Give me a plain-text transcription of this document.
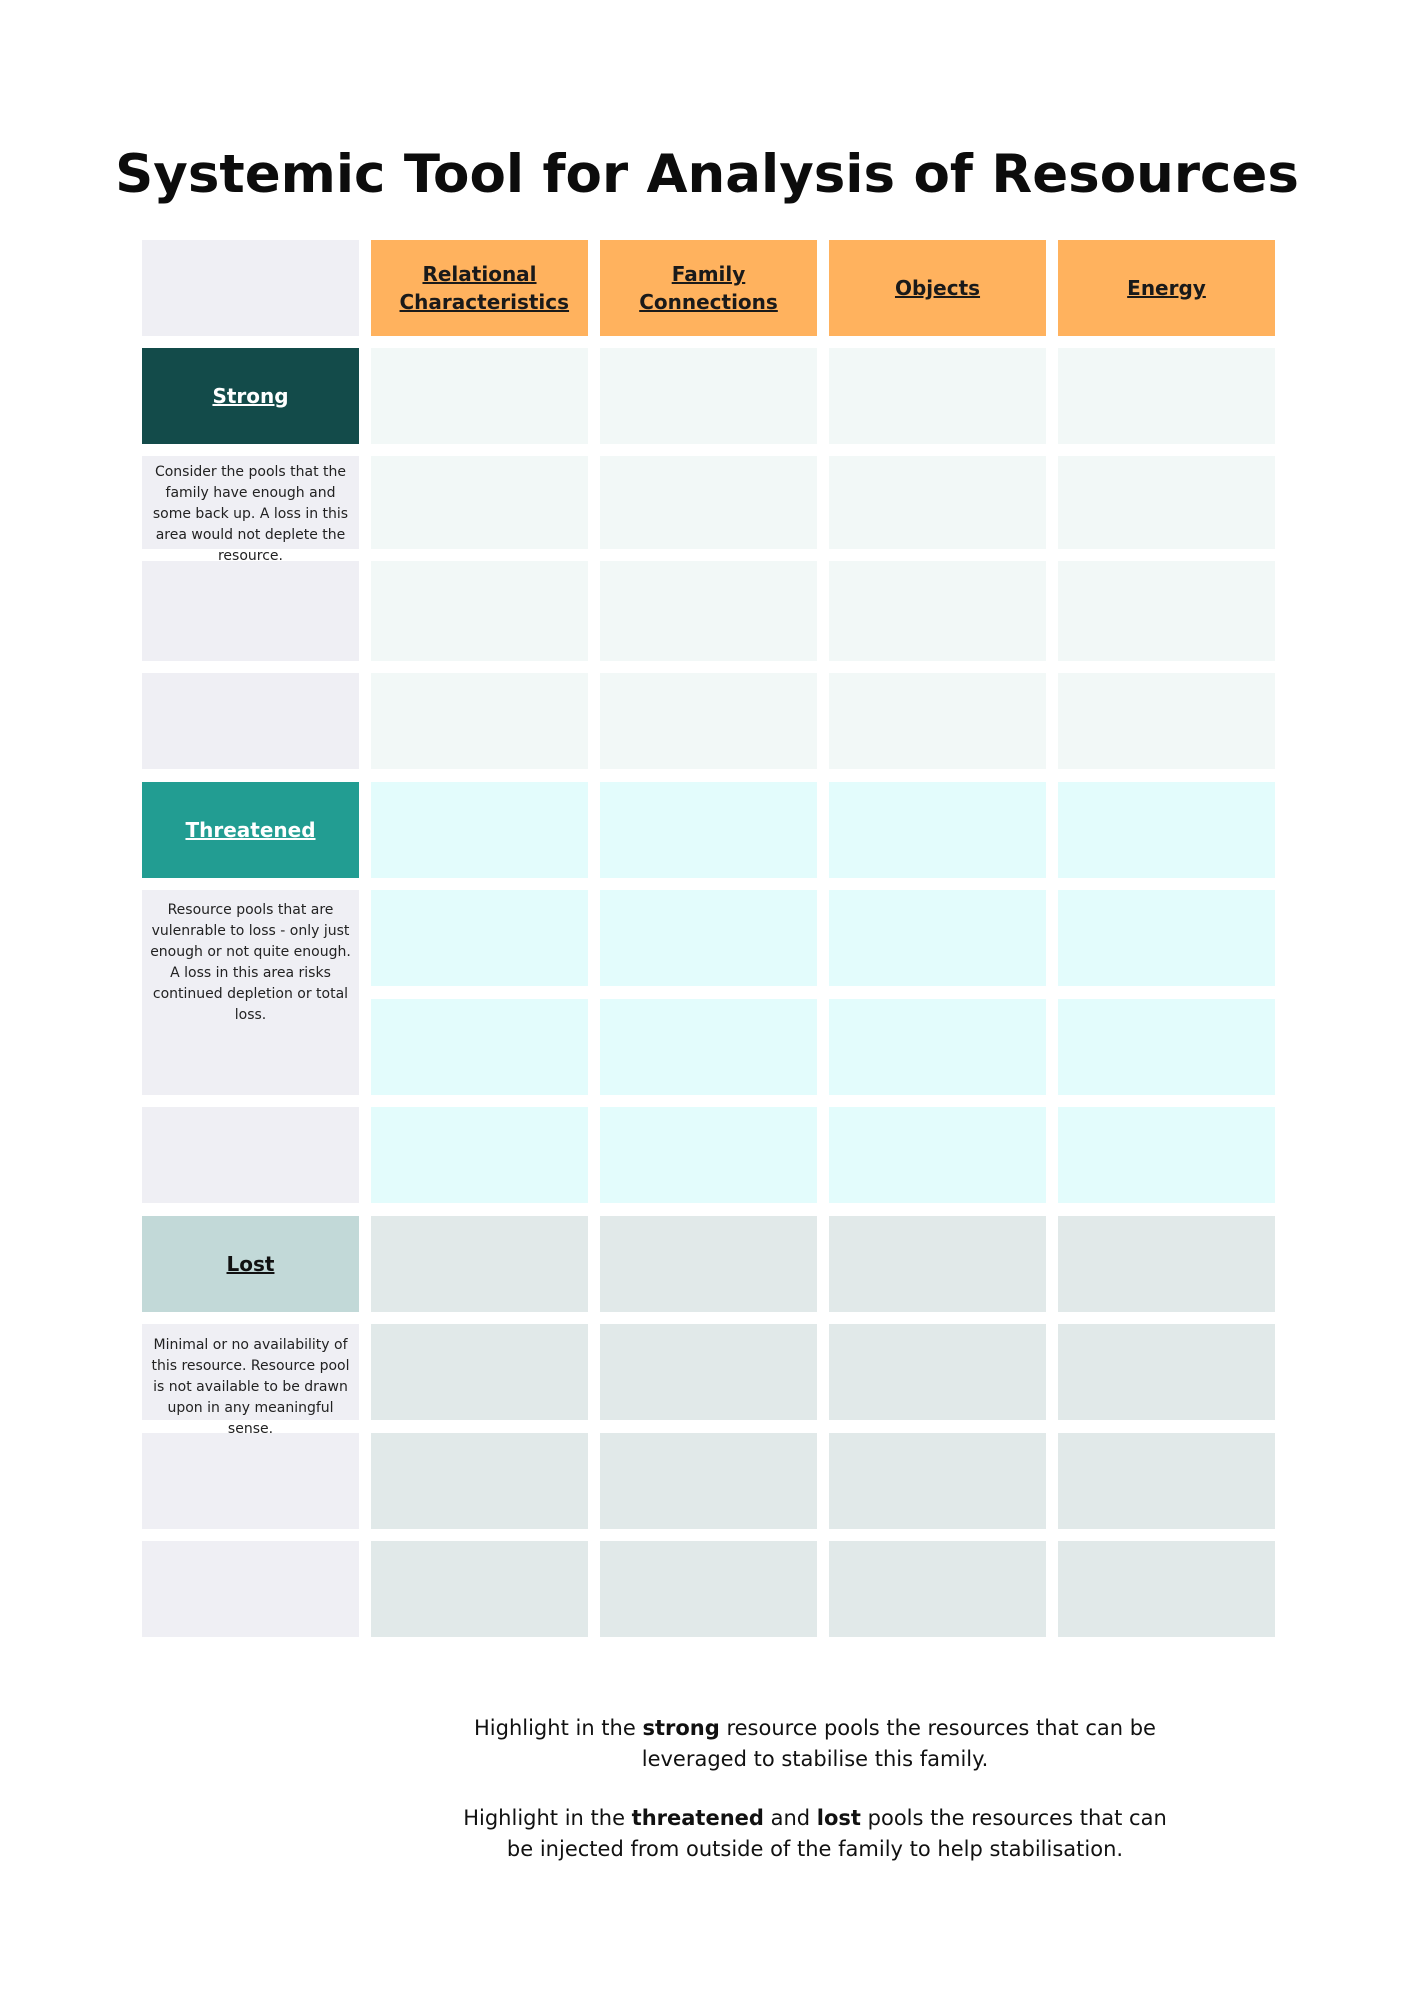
Systemic Tool for Analysis of Resources
Relational Characteristics
Family Connections
Objects	Energy
Strong
Consider the pools that the family have enough and some back up. A loss in this area would not deplete the resource.
Threatened
Resource pools that are vulenrable to loss - only just enough or not quite enough. A loss in this area risks continued depletion or total loss.
Lost
Minimal or no availability of this resource. Resource pool is not available to be drawn upon in any meaningful sense.
Highlight in the strong resource pools the resources that can be leveraged to stabilise this family.
Highlight in the threatened and lost pools the resources that can be injected from outside of the family to help stabilisation.
